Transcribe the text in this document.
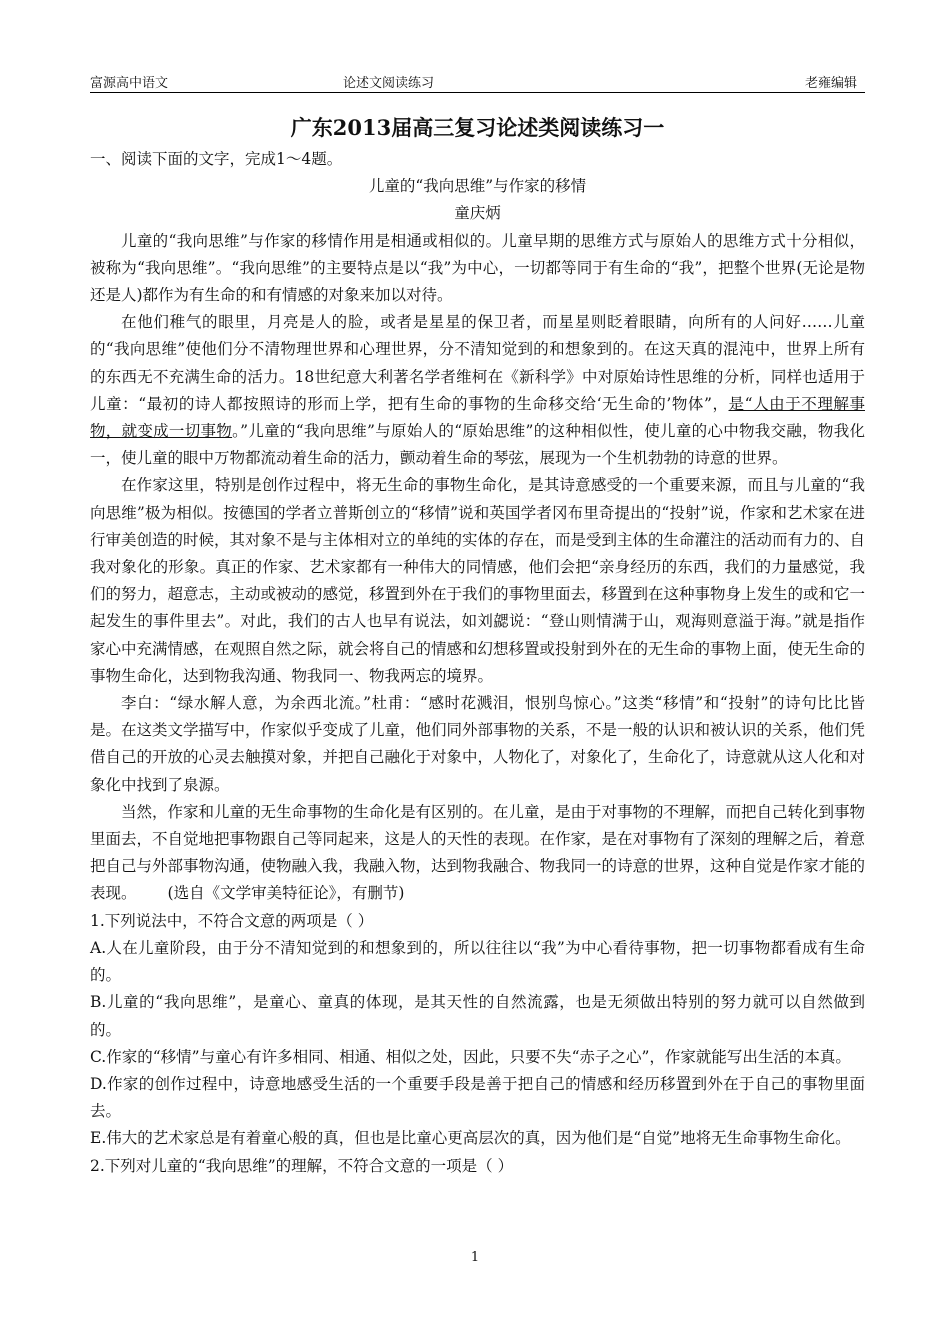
富源高中语文	论述文阅读练习	老雍编辑
广东2013届高三复习论述类阅读练习一

一、阅读下面的文字，完成1～4题。

儿童的“我向思维”与作家的移情

童庆炳

儿童的“我向思维”与作家的移情作用是相通或相似的。儿童早期的思维方式与原始人的思维方式十分相似，被称为“我向思维”。“我向思维”的主要特点是以“我”为中心，一切都等同于有生命的“我”，把整个世界(无论是物还是人)都作为有生命的和有情感的对象来加以对待。

在他们稚气的眼里，月亮是人的脸，或者是星星的保卫者，而星星则眨着眼睛，向所有的人问好……儿童的“我向思维”使他们分不清物理世界和心理世界，分不清知觉到的和想象到的。在这天真的混沌中，世界上所有的东西无不充满生命的活力。18世纪意大利著名学者维柯在《新科学》中对原始诗性思维的分析，同样也适用于儿童：“最初的诗人都按照诗的形而上学，把有生命的事物的生命移交给‘无生命的’物体”，是“人由于不理解事物，就变成一切事物。”儿童的“我向思维”与原始人的“原始思维”的这种相似性，使儿童的心中物我交融，物我化一，使儿童的眼中万物都流动着生命的活力，颤动着生命的琴弦，展现为一个生机勃勃的诗意的世界。

在作家这里，特别是创作过程中，将无生命的事物生命化，是其诗意感受的一个重要来源，而且与儿童的“我向思维”极为相似。按德国的学者立普斯创立的“移情”说和英国学者冈布里奇提出的“投射”说，作家和艺术家在进行审美创造的时候，其对象不是与主体相对立的单纯的实体的存在，而是受到主体的生命灌注的活动而有力的、自我对象化的形象。真正的作家、艺术家都有一种伟大的同情感，他们会把“亲身经历的东西，我们的力量感觉，我们的努力，超意志，主动或被动的感觉，移置到外在于我们的事物里面去，移置到在这种事物身上发生的或和它一起发生的事件里去”。对此，我们的古人也早有说法，如刘勰说：“登山则情满于山，观海则意溢于海。”就是指作家心中充满情感，在观照自然之际，就会将自己的情感和幻想移置或投射到外在的无生命的事物上面，使无生命的事物生命化，达到物我沟通、物我同一、物我两忘的境界。

李白：“绿水解人意，为余西北流。”杜甫：“感时花溅泪，恨别鸟惊心。”这类“移情”和“投射”的诗句比比皆是。在这类文学描写中，作家似乎变成了儿童，他们同外部事物的关系，不是一般的认识和被认识的关系，他们凭借自己的开放的心灵去触摸对象，并把自己融化于对象中，人物化了，对象化了，生命化了，诗意就从这人化和对象化中找到了泉源。

当然，作家和儿童的无生命事物的生命化是有区别的。在儿童，是由于对事物的不理解，而把自己转化到事物里面去，不自觉地把事物跟自己等同起来，这是人的天性的表现。在作家，是在对事物有了深刻的理解之后，着意把自己与外部事物沟通，使物融入我，我融入物，达到物我融合、物我同一的诗意的世界，这种自觉是作家才能的表现。 (选自《文学审美特征论》，有删节)

1.下列说法中，不符合文意的两项是（ ）

A.人在儿童阶段，由于分不清知觉到的和想象到的，所以往往以“我”为中心看待事物，把一切事物都看成有生命的。

B.儿童的“我向思维”，是童心、童真的体现，是其天性的自然流露，也是无须做出特别的努力就可以自然做到的。

C.作家的“移情”与童心有许多相同、相通、相似之处，因此，只要不失“赤子之心”，作家就能写出生活的本真。

D.作家的创作过程中，诗意地感受生活的一个重要手段是善于把自己的情感和经历移置到外在于自己的事物里面去。

E.伟大的艺术家总是有着童心般的真，但也是比童心更高层次的真，因为他们是“自觉”地将无生命事物生命化。

2.下列对儿童的“我向思维”的理解，不符合文意的一项是（ ）

1
